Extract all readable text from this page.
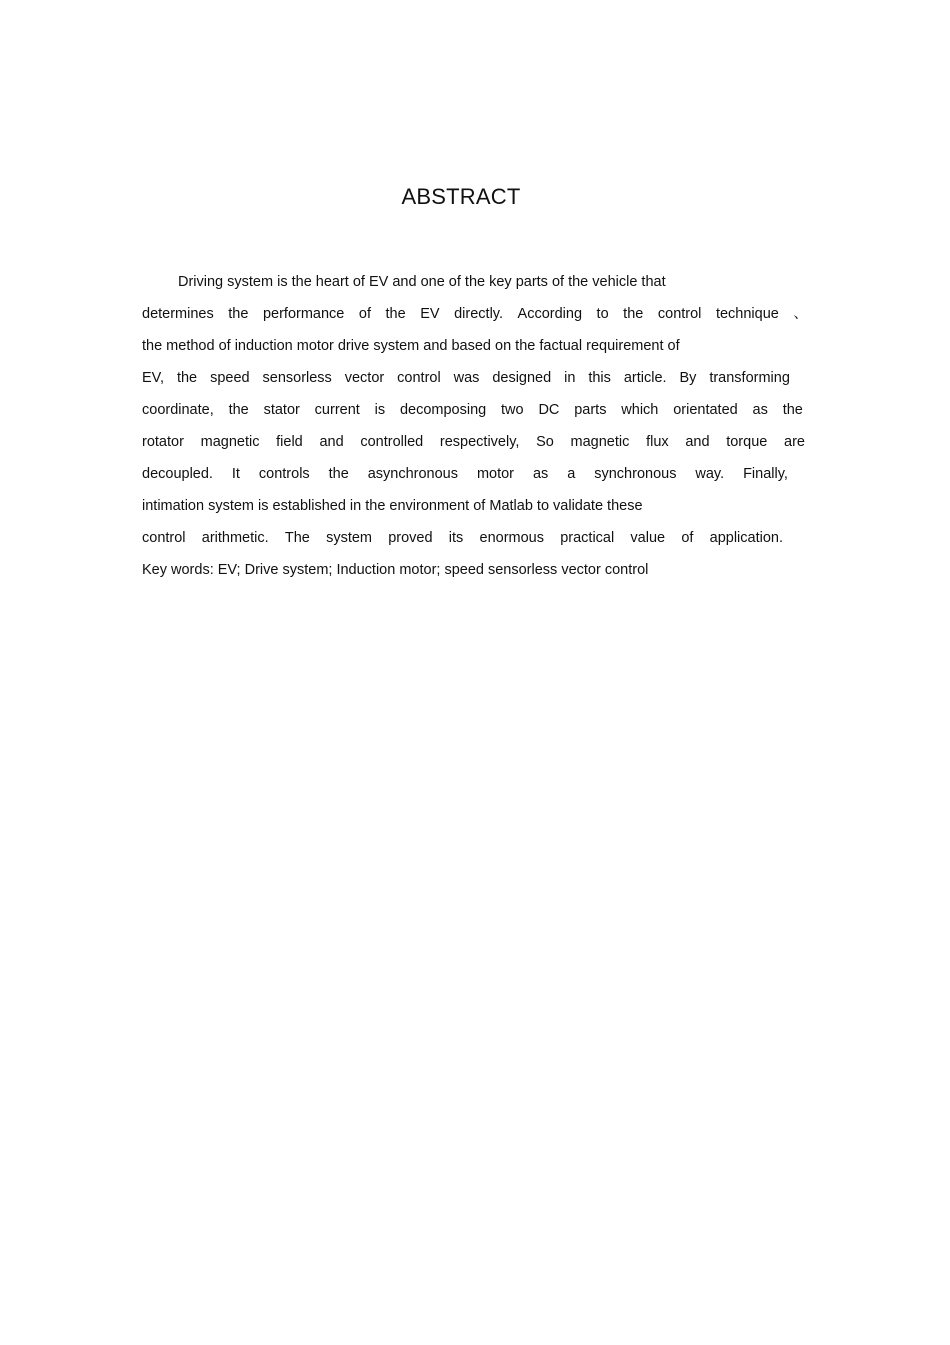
ABSTRACT
Driving system is the heart of EV and one of the key parts of the vehicle that
determines the performance of the EV directly. According to the control technique 、
the method of induction motor drive system and based on the factual requirement of
EV, the speed sensorless vector control was designed in this article. By transforming
coordinate, the stator current is decomposing two DC parts which orientated as the
rotator magnetic field and controlled respectively, So magnetic flux and torque are
decoupled. It controls the asynchronous motor as a synchronous way. Finally,
intimation system is established in the environment of Matlab to validate these
control arithmetic. The system proved its enormous practical value of application.
Key words: EV; Drive system; Induction motor; speed sensorless vector control
